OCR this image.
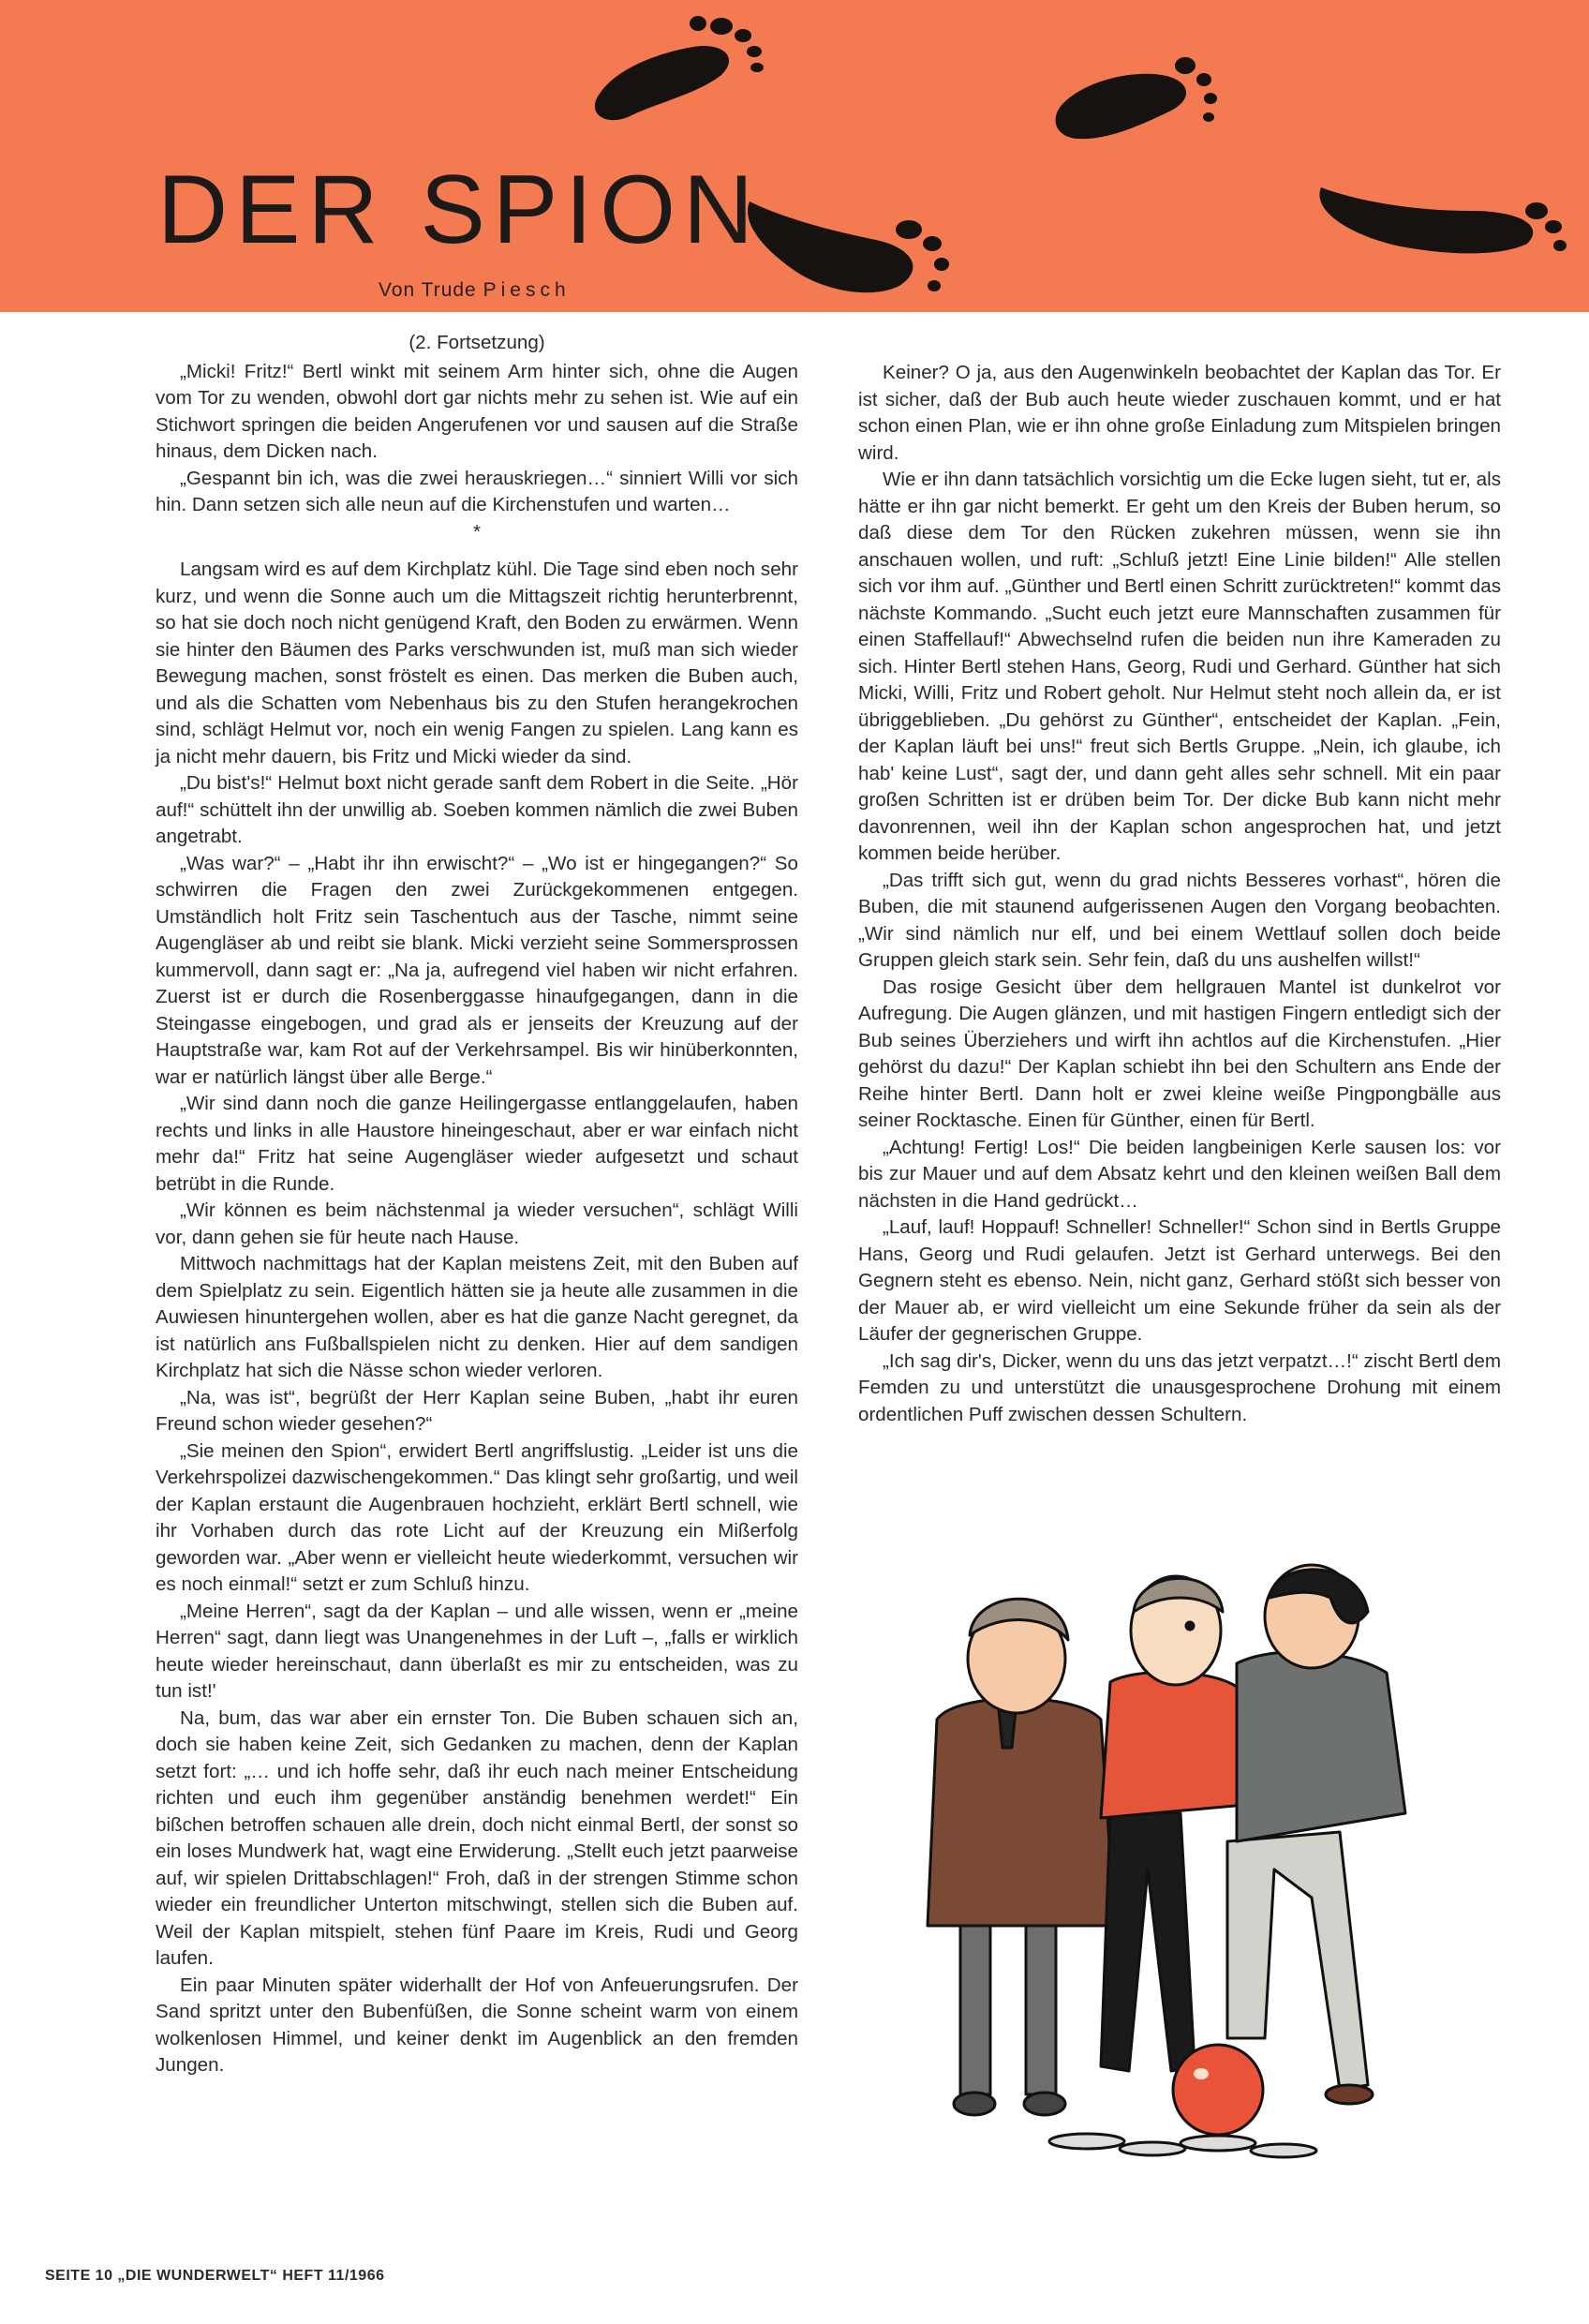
DER SPION
Von Trude Piesch

(2. Fortsetzung)

„Micki! Fritz!“ Bertl winkt mit seinem Arm hinter sich, ohne die Augen vom Tor zu wenden, obwohl dort gar nichts mehr zu sehen ist. Wie auf ein Stichwort springen die beiden Angerufenen vor und sausen auf die Straße hinaus, dem Dicken nach.

„Gespannt bin ich, was die zwei herauskriegen…“ sinniert Willi vor sich hin. Dann setzen sich alle neun auf die Kirchenstufen und warten…

*

Langsam wird es auf dem Kirchplatz kühl. Die Tage sind eben noch sehr kurz, und wenn die Sonne auch um die Mittagszeit richtig herunterbrennt, so hat sie doch noch nicht genügend Kraft, den Boden zu erwärmen. Wenn sie hinter den Bäumen des Parks verschwunden ist, muß man sich wieder Bewegung machen, sonst fröstelt es einen. Das merken die Buben auch, und als die Schatten vom Nebenhaus bis zu den Stufen herangekrochen sind, schlägt Helmut vor, noch ein wenig Fangen zu spielen. Lang kann es ja nicht mehr dauern, bis Fritz und Micki wieder da sind.

„Du bist's!“ Helmut boxt nicht gerade sanft dem Robert in die Seite. „Hör auf!“ schüttelt ihn der unwillig ab. Soeben kommen nämlich die zwei Buben angetrabt.

„Was war?“ – „Habt ihr ihn erwischt?“ – „Wo ist er hingegangen?“ So schwirren die Fragen den zwei Zurückgekommenen entgegen. Umständlich holt Fritz sein Taschentuch aus der Tasche, nimmt seine Augengläser ab und reibt sie blank. Micki verzieht seine Sommersprossen kummervoll, dann sagt er: „Na ja, aufregend viel haben wir nicht erfahren. Zuerst ist er durch die Rosenberggasse hinaufgegangen, dann in die Steingasse eingebogen, und grad als er jenseits der Kreuzung auf der Hauptstraße war, kam Rot auf der Verkehrsampel. Bis wir hinüberkonnten, war er natürlich längst über alle Berge.“

„Wir sind dann noch die ganze Heilingergasse entlanggelaufen, haben rechts und links in alle Haustore hineingeschaut, aber er war einfach nicht mehr da!“ Fritz hat seine Augengläser wieder aufgesetzt und schaut betrübt in die Runde.

„Wir können es beim nächstenmal ja wieder versuchen“, schlägt Willi vor, dann gehen sie für heute nach Hause.

Mittwoch nachmittags hat der Kaplan meistens Zeit, mit den Buben auf dem Spielplatz zu sein. Eigentlich hätten sie ja heute alle zusammen in die Auwiesen hinuntergehen wollen, aber es hat die ganze Nacht geregnet, da ist natürlich ans Fußballspielen nicht zu denken. Hier auf dem sandigen Kirchplatz hat sich die Nässe schon wieder verloren.

„Na, was ist“, begrüßt der Herr Kaplan seine Buben, „habt ihr euren Freund schon wieder gesehen?“

„Sie meinen den Spion“, erwidert Bertl angriffslustig. „Leider ist uns die Verkehrspolizei dazwischengekommen.“ Das klingt sehr großartig, und weil der Kaplan erstaunt die Augenbrauen hochzieht, erklärt Bertl schnell, wie ihr Vorhaben durch das rote Licht auf der Kreuzung ein Mißerfolg geworden war. „Aber wenn er vielleicht heute wiederkommt, versuchen wir es noch einmal!“ setzt er zum Schluß hinzu.

„Meine Herren“, sagt da der Kaplan – und alle wissen, wenn er „meine Herren“ sagt, dann liegt was Unangenehmes in der Luft –, „falls er wirklich heute wieder hereinschaut, dann überlaßt es mir zu entscheiden, was zu tun ist!'

Na, bum, das war aber ein ernster Ton. Die Buben schauen sich an, doch sie haben keine Zeit, sich Gedanken zu machen, denn der Kaplan setzt fort: „… und ich hoffe sehr, daß ihr euch nach meiner Entscheidung richten und euch ihm gegenüber anständig benehmen werdet!“ Ein bißchen betroffen schauen alle drein, doch nicht einmal Bertl, der sonst so ein loses Mundwerk hat, wagt eine Erwiderung. „Stellt euch jetzt paarweise auf, wir spielen Drittabschlagen!“ Froh, daß in der strengen Stimme schon wieder ein freundlicher Unterton mitschwingt, stellen sich die Buben auf. Weil der Kaplan mitspielt, stehen fünf Paare im Kreis, Rudi und Georg laufen.

Ein paar Minuten später widerhallt der Hof von Anfeuerungsrufen. Der Sand spritzt unter den Bubenfüßen, die Sonne scheint warm von einem wolkenlosen Himmel, und keiner denkt im Augenblick an den fremden Jungen.

Keiner? O ja, aus den Augenwinkeln beobachtet der Kaplan das Tor. Er ist sicher, daß der Bub auch heute wieder zuschauen kommt, und er hat schon einen Plan, wie er ihn ohne große Einladung zum Mitspielen bringen wird.

Wie er ihn dann tatsächlich vorsichtig um die Ecke lugen sieht, tut er, als hätte er ihn gar nicht bemerkt. Er geht um den Kreis der Buben herum, so daß diese dem Tor den Rücken zukehren müssen, wenn sie ihn anschauen wollen, und ruft: „Schluß jetzt! Eine Linie bilden!“ Alle stellen sich vor ihm auf. „Günther und Bertl einen Schritt zurücktreten!“ kommt das nächste Kommando. „Sucht euch jetzt eure Mannschaften zusammen für einen Staffellauf!“ Abwechselnd rufen die beiden nun ihre Kameraden zu sich. Hinter Bertl stehen Hans, Georg, Rudi und Gerhard. Günther hat sich Micki, Willi, Fritz und Robert geholt. Nur Helmut steht noch allein da, er ist übriggeblieben. „Du gehörst zu Günther“, entscheidet der Kaplan. „Fein, der Kaplan läuft bei uns!“ freut sich Bertls Gruppe. „Nein, ich glaube, ich hab' keine Lust“, sagt der, und dann geht alles sehr schnell. Mit ein paar großen Schritten ist er drüben beim Tor. Der dicke Bub kann nicht mehr davonrennen, weil ihn der Kaplan schon angesprochen hat, und jetzt kommen beide herüber.

„Das trifft sich gut, wenn du grad nichts Besseres vorhast“, hören die Buben, die mit staunend aufgerissenen Augen den Vorgang beobachten. „Wir sind nämlich nur elf, und bei einem Wettlauf sollen doch beide Gruppen gleich stark sein. Sehr fein, daß du uns aushelfen willst!“

Das rosige Gesicht über dem hellgrauen Mantel ist dunkelrot vor Aufregung. Die Augen glänzen, und mit hastigen Fingern entledigt sich der Bub seines Überziehers und wirft ihn achtlos auf die Kirchenstufen. „Hier gehörst du dazu!“ Der Kaplan schiebt ihn bei den Schultern ans Ende der Reihe hinter Bertl. Dann holt er zwei kleine weiße Pingpongbälle aus seiner Rocktasche. Einen für Günther, einen für Bertl.

„Achtung! Fertig! Los!“ Die beiden langbeinigen Kerle sausen los: vor bis zur Mauer und auf dem Absatz kehrt und den kleinen weißen Ball dem nächsten in die Hand gedrückt…

„Lauf, lauf! Hoppauf! Schneller! Schneller!“ Schon sind in Bertls Gruppe Hans, Georg und Rudi gelaufen. Jetzt ist Gerhard unterwegs. Bei den Gegnern steht es ebenso. Nein, nicht ganz, Gerhard stößt sich besser von der Mauer ab, er wird vielleicht um eine Sekunde früher da sein als der Läufer der gegnerischen Gruppe.

„Ich sag dir's, Dicker, wenn du uns das jetzt verpatzt…!“ zischt Bertl dem Femden zu und unterstützt die unausgesprochene Drohung mit einem ordentlichen Puff zwischen dessen Schultern.

SEITE 10 „DIE WUNDERWELT“ HEFT 11/1966
